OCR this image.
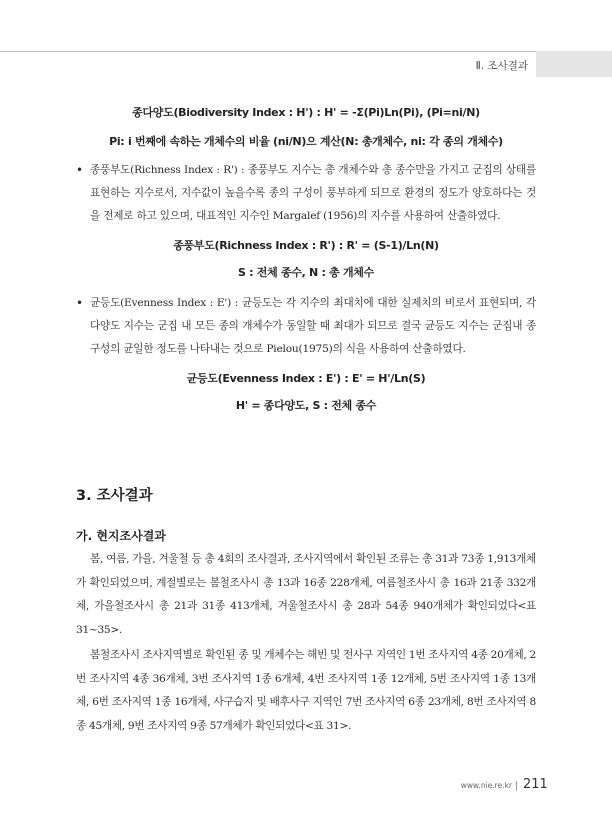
Ⅱ. 조사결과
종다양도(Biodiversity Index : H') : H' = -Σ(Pi)Ln(Pi), (Pi=ni/N)
Pi: i 번째에 속하는 개체수의 비율 (ni/N)으 계산(N: 총개체수, ni: 각 종의 개체수)
• 종풍부도(Richness Index : R') : 종풍부도 지수는 총 개체수와 총 종수만을 가지고 군집의 상태를 표현하는 지수로서, 지수값이 높을수록 종의 구성이 풍부하게 되므로 환경의 정도가 양호하다는 것을 전제로 하고 있으며, 대표적인 지수인 Margalef (1956)의 지수를 사용하여 산출하였다.
종풍부도(Richness Index : R') : R' = (S-1)/Ln(N)
S : 전체 종수, N : 총 개체수
• 균등도(Evenness Index : E') : 균등도는 각 지수의 최대치에 대한 실제치의 비로서 표현되며, 각 다양도 지수는 군집 내 모든 종의 개체수가 동일할 때 최대가 되므로 결국 균등도 지수는 군집내 종구성의 균일한 정도를 나타내는 것으로 Pielou(1975)의 식을 사용하여 산출하였다.
균등도(Evenness Index : E') : E' = H'/Ln(S)
H' = 종다양도, S : 전체 종수
3. 조사결과
가. 현지조사결과
봄, 여름, 가을, 겨울철 등 총 4회의 조사결과, 조사지역에서 확인된 조류는 총 31과 73종 1,913개체가 확인되었으며, 계절별로는 봄철조사시 총 13과 16종 228개체, 여름철조사시 총 16과 21종 332개체, 가을철조사시 총 21과 31종 413개체, 겨울철조사시 총 28과 54종 940개체가 확인되었다<표 31~35>.
봄철조사시 조사지역별로 확인된 종 및 개체수는 해빈 및 전사구 지역인 1번 조사지역 4종 20개체, 2번 조사지역 4종 36개체, 3번 조사지역 1종 6개체, 4번 조사지역 1종 12개체, 5번 조사지역 1종 13개체, 6번 조사지역 1종 16개체, 사구습지 및 배후사구 지역인 7번 조사지역 6종 23개체, 8번 조사지역 8종 45개체, 9번 조사지역 9종 57개체가 확인되었다<표 31>.
www.nie.re.kr 211
